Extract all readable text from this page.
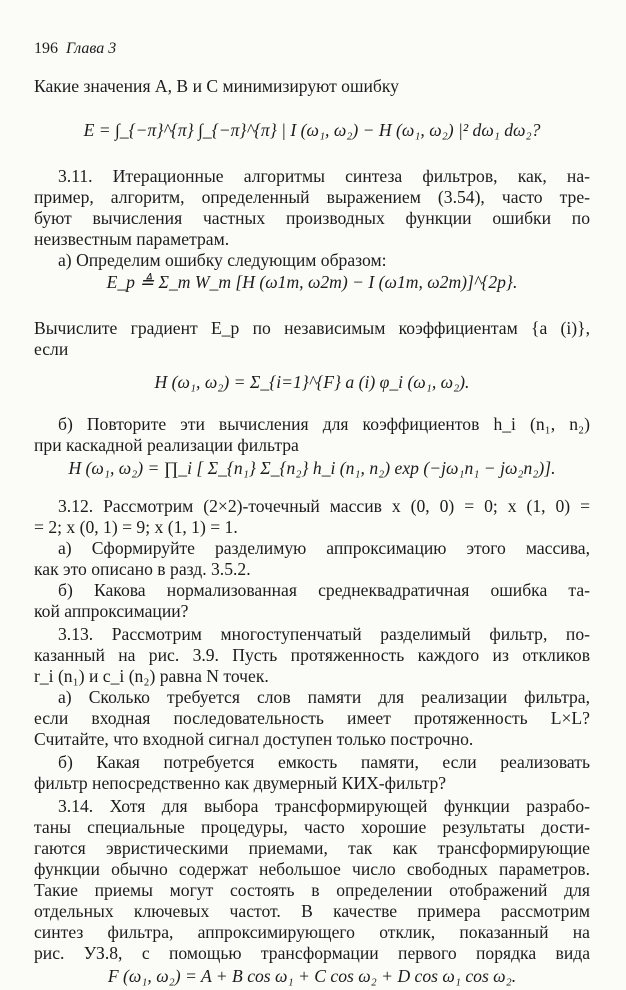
196 Глава 3
Какие значения A, B и C минимизируют ошибку
E = ∫_{−π}^{π} ∫_{−π}^{π} | I (ω₁, ω₂) − H (ω₁, ω₂) |² dω₁ dω₂?
3.11. Итерационные алгоритмы синтеза фильтров, как, на-
пример, алгоритм, определенный выражением (3.54), часто тре-
буют вычисления частных производных функции ошибки по
неизвестным параметрам.
а) Определим ошибку следующим образом:
E_p ≜ Σ_m W_m [H (ω1m, ω2m) − I (ω1m, ω2m)]^{2p}.
Вычислите градиент E_p по независимым коэффициентам {a (i)},
если
H (ω₁, ω₂) = Σ_{i=1}^{F} a (i) φ_i (ω₁, ω₂).
б) Повторите эти вычисления для коэффициентов h_i (n₁, n₂)
при каскадной реализации фильтра
H (ω₁, ω₂) = ∏_i [ Σ_{n₁} Σ_{n₂} h_i (n₁, n₂) exp (−jω₁n₁ − jω₂n₂)].
3.12. Рассмотрим (2×2)-точечный массив x (0, 0) = 0; x (1, 0) =
= 2; x (0, 1) = 9; x (1, 1) = 1.
а) Сформируйте разделимую аппроксимацию этого массива,
как это описано в разд. 3.5.2.
б) Какова нормализованная среднеквадратичная ошибка та-
кой аппроксимации?
3.13. Рассмотрим многоступенчатый разделимый фильтр, по-
казанный на рис. 3.9. Пусть протяженность каждого из откликов
r_i (n₁) и c_i (n₂) равна N точек.
а) Сколько требуется слов памяти для реализации фильтра,
если входная последовательность имеет протяженность L×L?
Считайте, что входной сигнал доступен только построчно.
б) Какая потребуется емкость памяти, если реализовать
фильтр непосредственно как двумерный КИХ-фильтр?
3.14. Хотя для выбора трансформирующей функции разрабо-
таны специальные процедуры, часто хорошие результаты дости-
гаются эвристическими приемами, так как трансформирующие
функции обычно содержат небольшое число свободных параметров.
Такие приемы могут состоять в определении отображений для
отдельных ключевых частот. В качестве примера рассмотрим
синтез фильтра, аппроксимирующего отклик, показанный на
рис. УЗ.8, с помощью трансформации первого порядка вида
F (ω₁, ω₂) = A + B cos ω₁ + C cos ω₂ + D cos ω₁ cos ω₂.
